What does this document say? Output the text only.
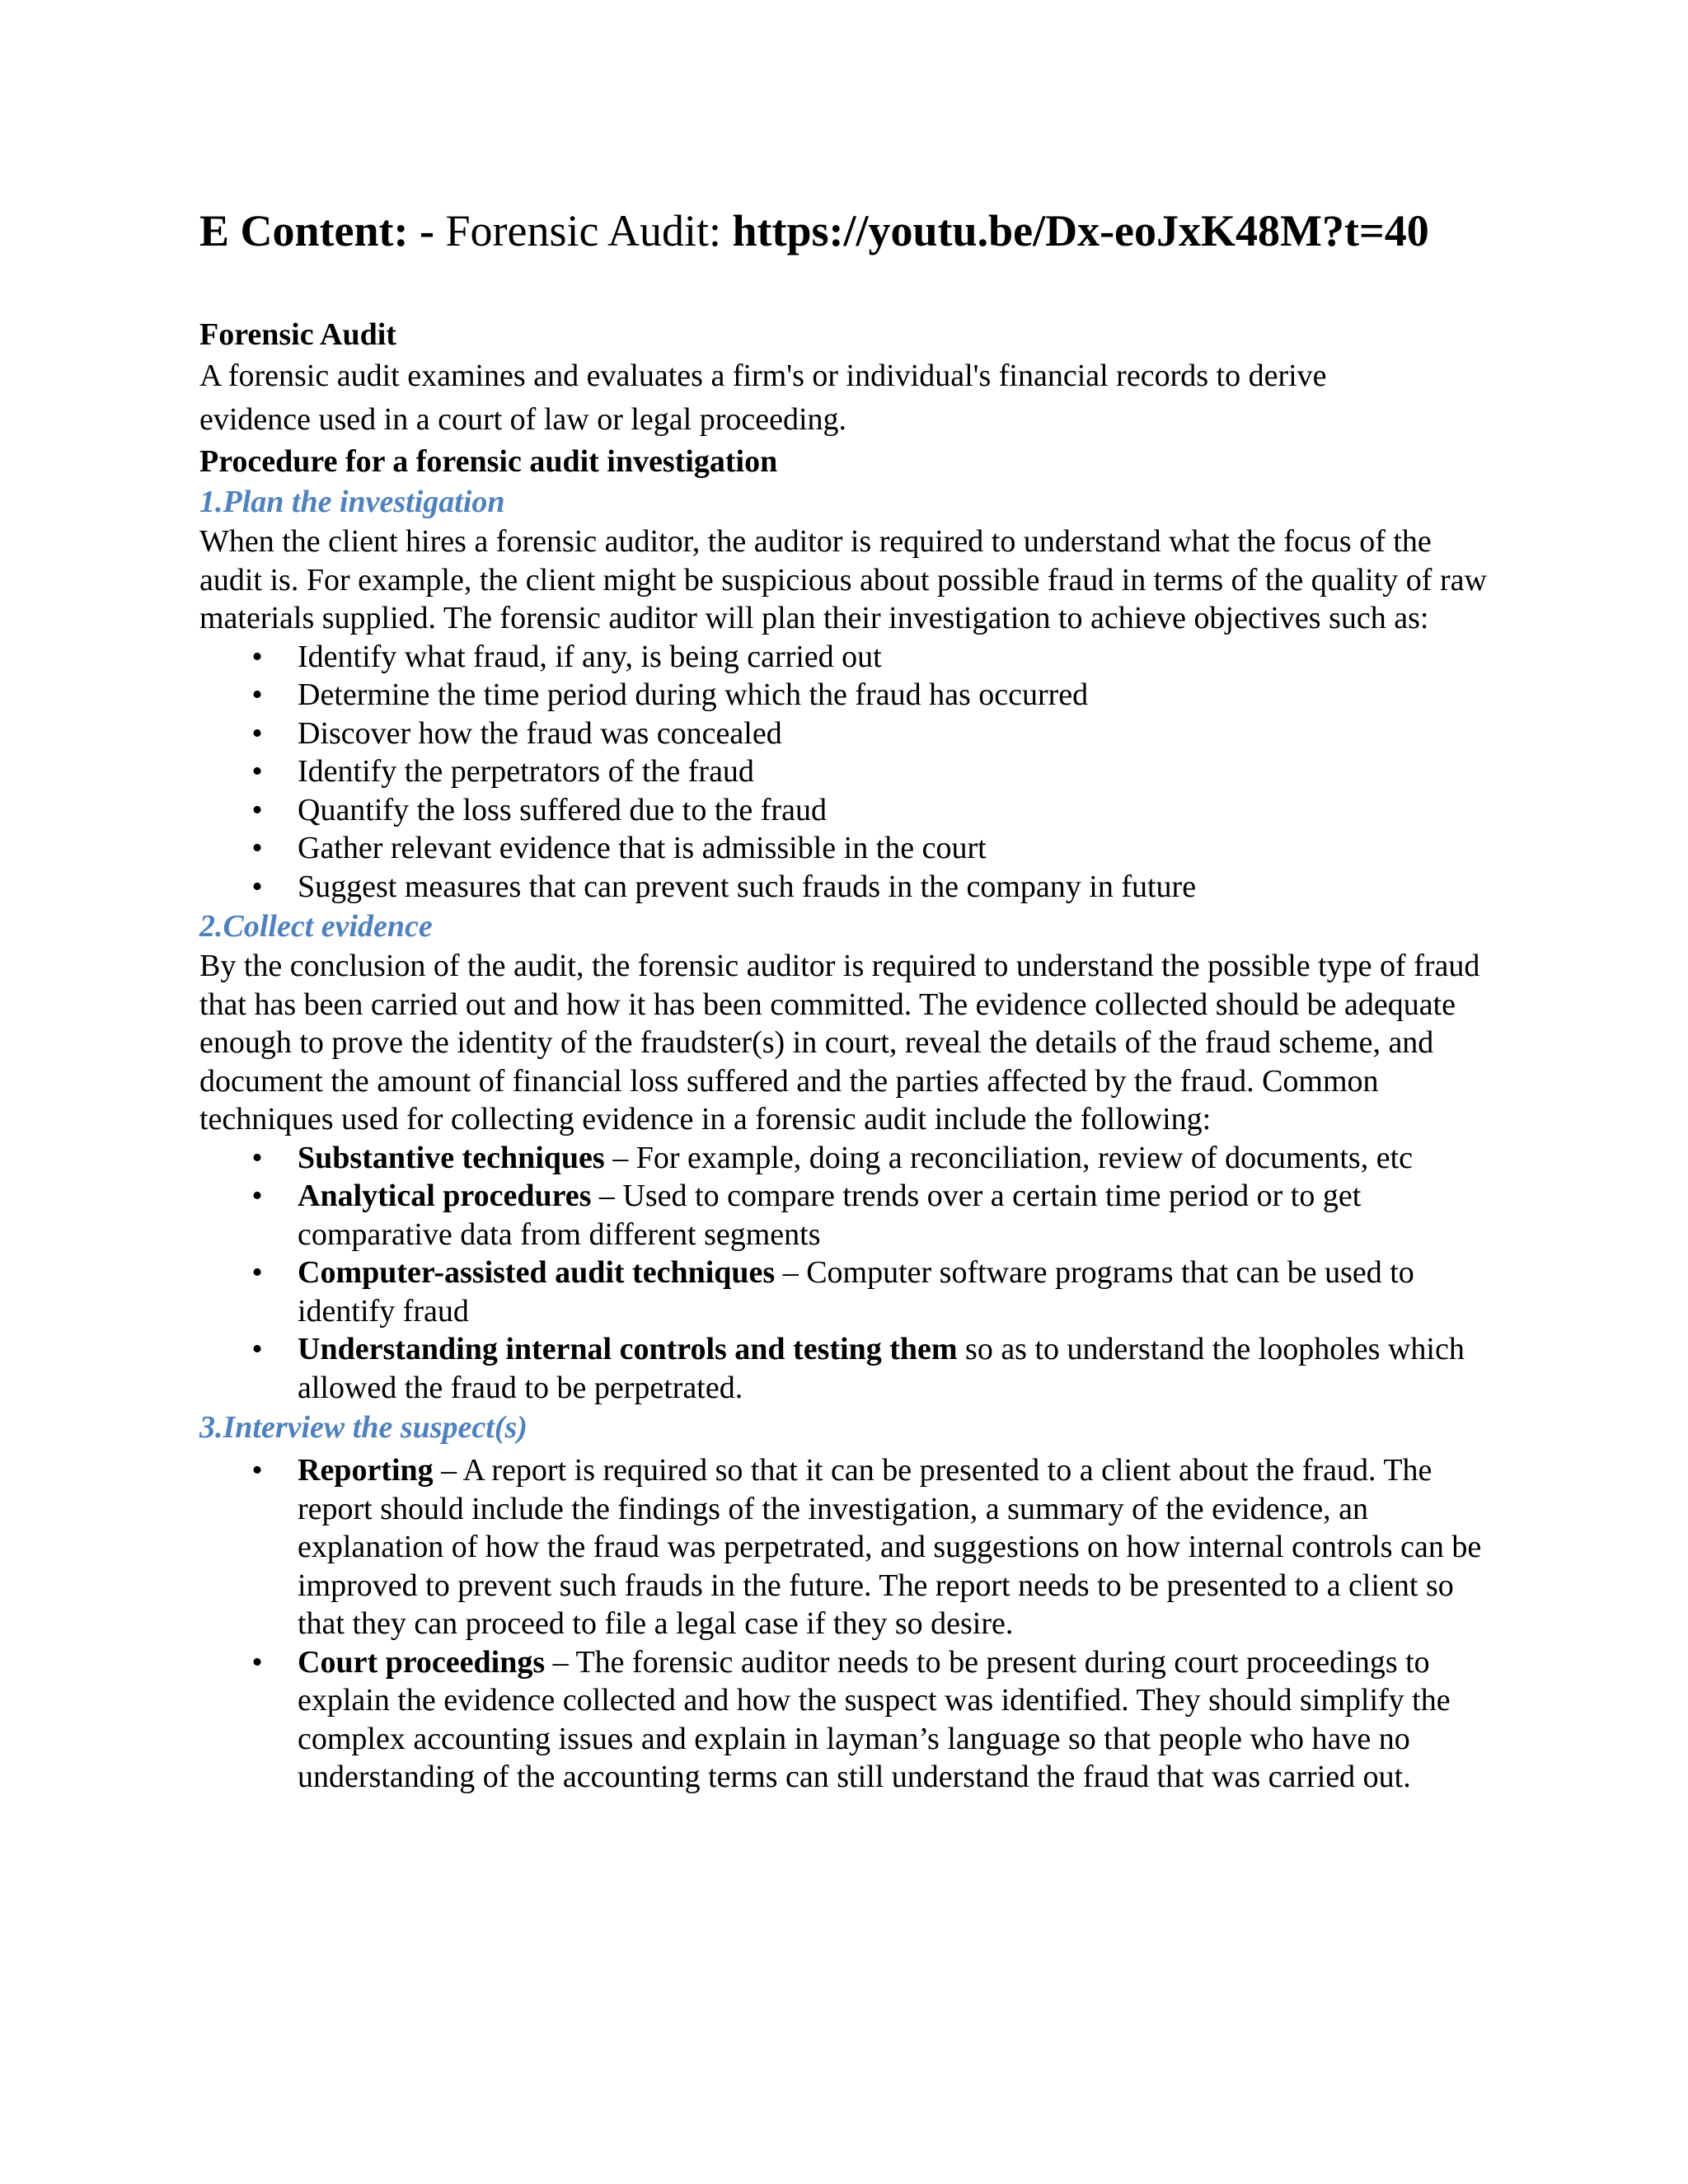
E Content: - Forensic Audit: https://youtu.be/Dx-eoJxK48M?t=40

Forensic Audit

A forensic audit examines and evaluates a firm's or individual's financial records to derive

evidence used in a court of law or legal proceeding.

Procedure for a forensic audit investigation

1.Plan the investigation

When the client hires a forensic auditor, the auditor is required to understand what the focus of the audit is. For example, the client might be suspicious about possible fraud in terms of the quality of raw materials supplied. The forensic auditor will plan their investigation to achieve objectives such as:

• Identify what fraud, if any, is being carried out
• Determine the time period during which the fraud has occurred
• Discover how the fraud was concealed
• Identify the perpetrators of the fraud
• Quantify the loss suffered due to the fraud
• Gather relevant evidence that is admissible in the court
• Suggest measures that can prevent such frauds in the company in future

2.Collect evidence

By the conclusion of the audit, the forensic auditor is required to understand the possible type of fraud that has been carried out and how it has been committed. The evidence collected should be adequate enough to prove the identity of the fraudster(s) in court, reveal the details of the fraud scheme, and document the amount of financial loss suffered and the parties affected by the fraud. Common techniques used for collecting evidence in a forensic audit include the following:

• Substantive techniques – For example, doing a reconciliation, review of documents, etc
• Analytical procedures – Used to compare trends over a certain time period or to get comparative data from different segments
• Computer-assisted audit techniques – Computer software programs that can be used to identify fraud
• Understanding internal controls and testing them so as to understand the loopholes which allowed the fraud to be perpetrated.

3.Interview the suspect(s)

• Reporting – A report is required so that it can be presented to a client about the fraud. The report should include the findings of the investigation, a summary of the evidence, an explanation of how the fraud was perpetrated, and suggestions on how internal controls can be improved to prevent such frauds in the future. The report needs to be presented to a client so that they can proceed to file a legal case if they so desire.
• Court proceedings – The forensic auditor needs to be present during court proceedings to explain the evidence collected and how the suspect was identified. They should simplify the complex accounting issues and explain in layman’s language so that people who have no understanding of the accounting terms can still understand the fraud that was carried out.
